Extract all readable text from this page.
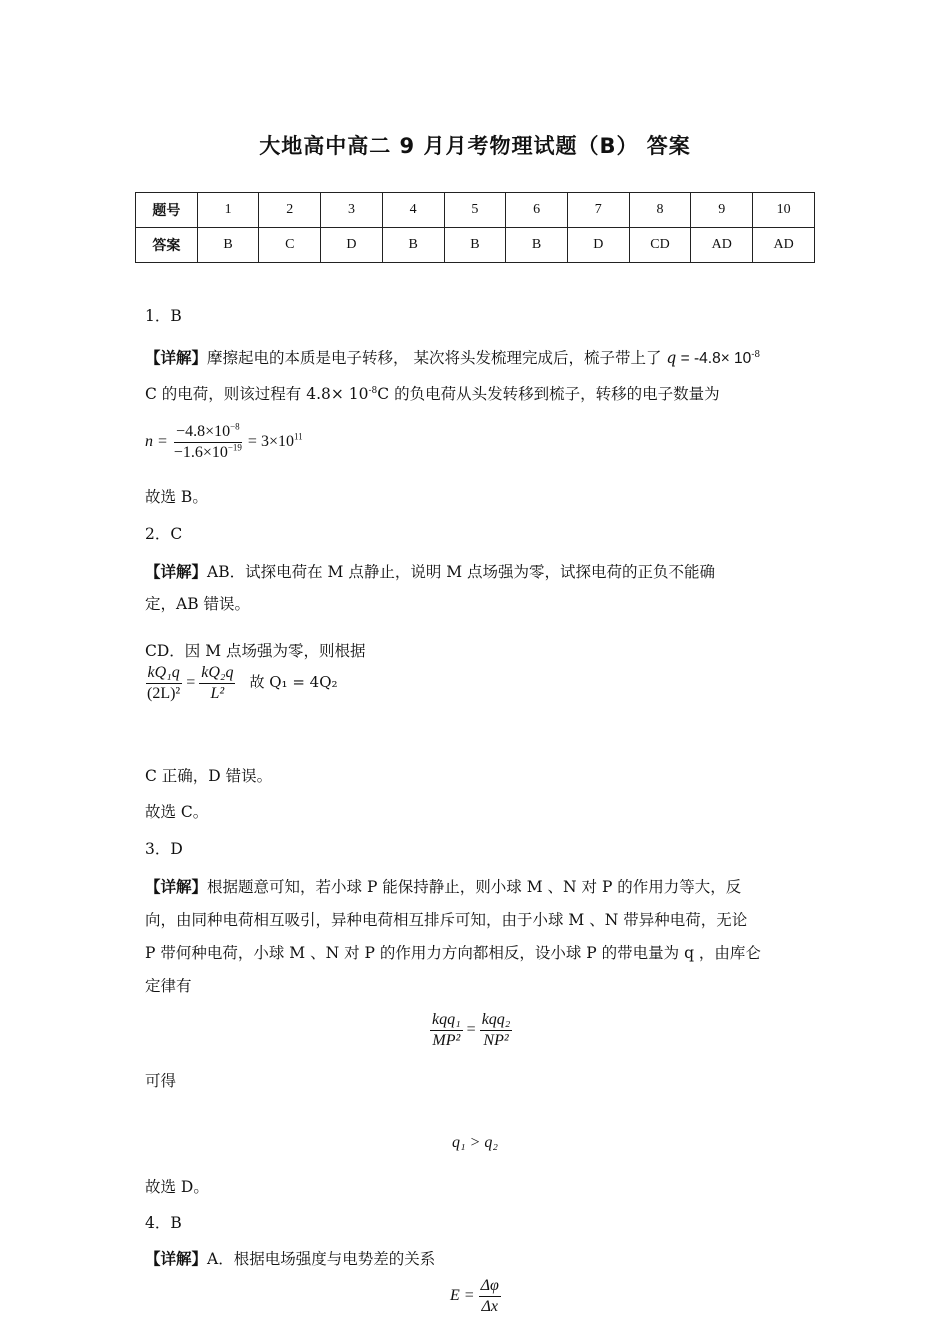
大地高中高二 9 月月考物理试题（B） 答案
题号	1	2	3	4	5	6	7	8	9	10
答案	B	C	D	B	B	B	D	CD	AD	AD
1．B
【详解】摩擦起电的本质是电子转移， 某次将头发梳理完成后，梳子带上了 $q = -4.8\times 10^{-8}$
C 的电荷，则该过程有 $4.8\times 10^{-8}C$ 的负电荷从头发转移到梳子，转移的电子数量为
$n = \frac{-4.8\times 10^{-8}}{-1.6\times 10^{-19}} = 3\times 10^{11}$
故选 B。
2．C
【详解】AB．试探电荷在 M 点静止，说明 M 点场强为零，试探电荷的正负不能确
定，AB 错误。
CD．因 M 点场强为零，则根据
$\frac{\text{kQ₁q}}{\text{(2L)²}} = \frac{\text{kQ₂q}}{\text{L²}}$ 故 Q₁ = 4Q₂
C 正确，D 错误。
故选 C。
3．D
【详解】根据题意可知，若小球 P 能保持静止，则小球 M 、N 对 P 的作用力等大，反
向，由同种电荷相互吸引，异种电荷相互排斥可知，由于小球 M 、N 带异种电荷，无论
P 带何种电荷，小球 M 、N 对 P 的作用力方向都相反，设小球 P 的带电量为 q ，由库仑
定律有
$\frac{\text{kqq₁}}{\text{MP²}} = \frac{\text{kqq₂}}{\text{NP²}}$
可得
q₁ > q₂
故选 D。
4．B
【详解】A．根据电场强度与电势差的关系
$E = \frac{\Delta\varphi}{\Delta x}$
